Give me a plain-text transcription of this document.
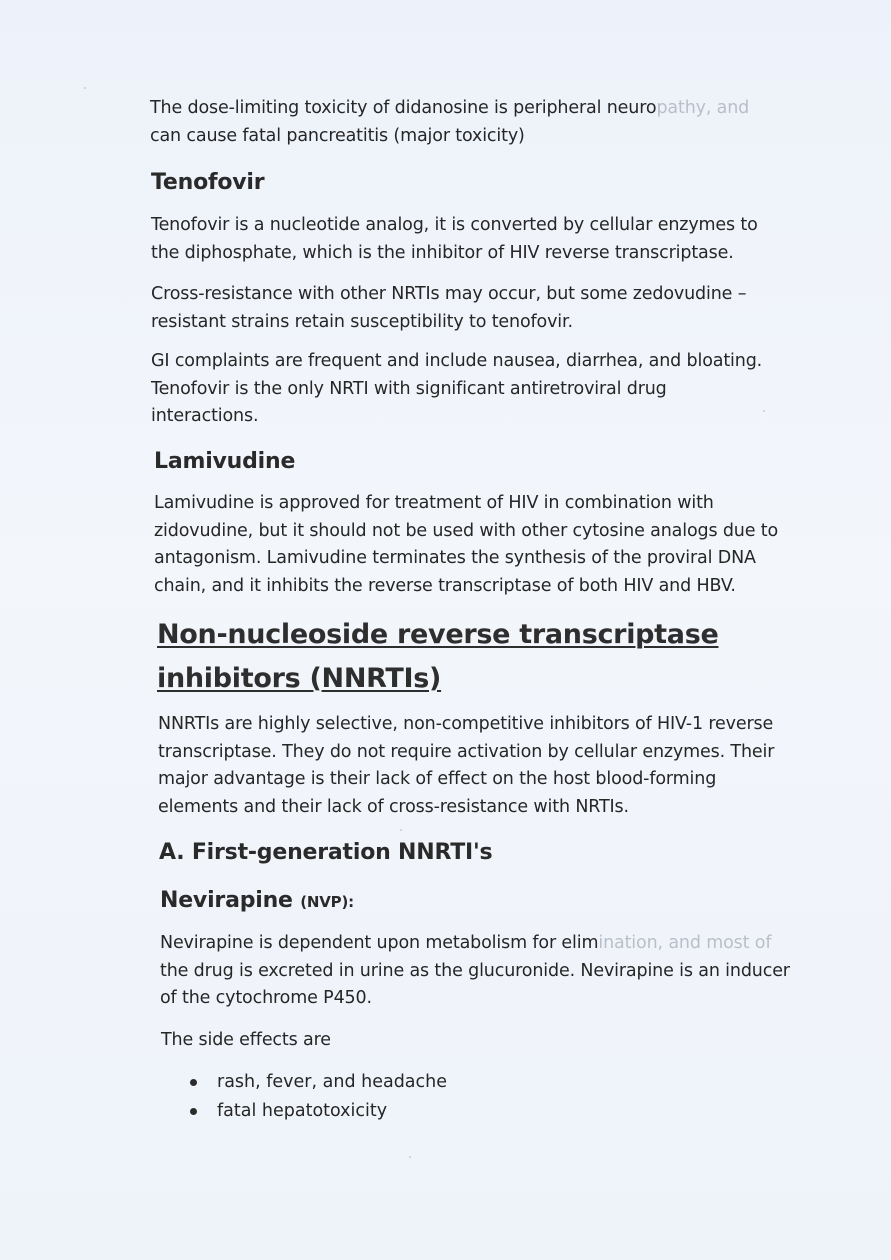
The dose-limiting toxicity of didanosine is peripheral neuropathy, and
can cause fatal pancreatitis (major toxicity)

Tenofovir

Tenofovir is a nucleotide analog, it is converted by cellular enzymes to
the diphosphate, which is the inhibitor of HIV reverse transcriptase.

Cross-resistance with other NRTIs may occur, but some zedovudine –
resistant strains retain susceptibility to tenofovir.

GI complaints are frequent and include nausea, diarrhea, and bloating.
Tenofovir is the only NRTI with significant antiretroviral drug
interactions.

Lamivudine

Lamivudine is approved for treatment of HIV in combination with
zidovudine, but it should not be used with other cytosine analogs due to
antagonism. Lamivudine terminates the synthesis of the proviral DNA
chain, and it inhibits the reverse transcriptase of both HIV and HBV.

Non-nucleoside reverse transcriptase
inhibitors (NNRTIs)

NNRTIs are highly selective, non-competitive inhibitors of HIV-1 reverse
transcriptase. They do not require activation by cellular enzymes. Their
major advantage is their lack of effect on the host blood-forming
elements and their lack of cross-resistance with NRTIs.

A. First-generation NNRTI's
Nevirapine (NVP):

Nevirapine is dependent upon metabolism for elimination, and most of
the drug is excreted in urine as the glucuronide. Nevirapine is an inducer
of the cytochrome P450.

The side effects are

rash, fever, and headache
fatal hepatotoxicity
